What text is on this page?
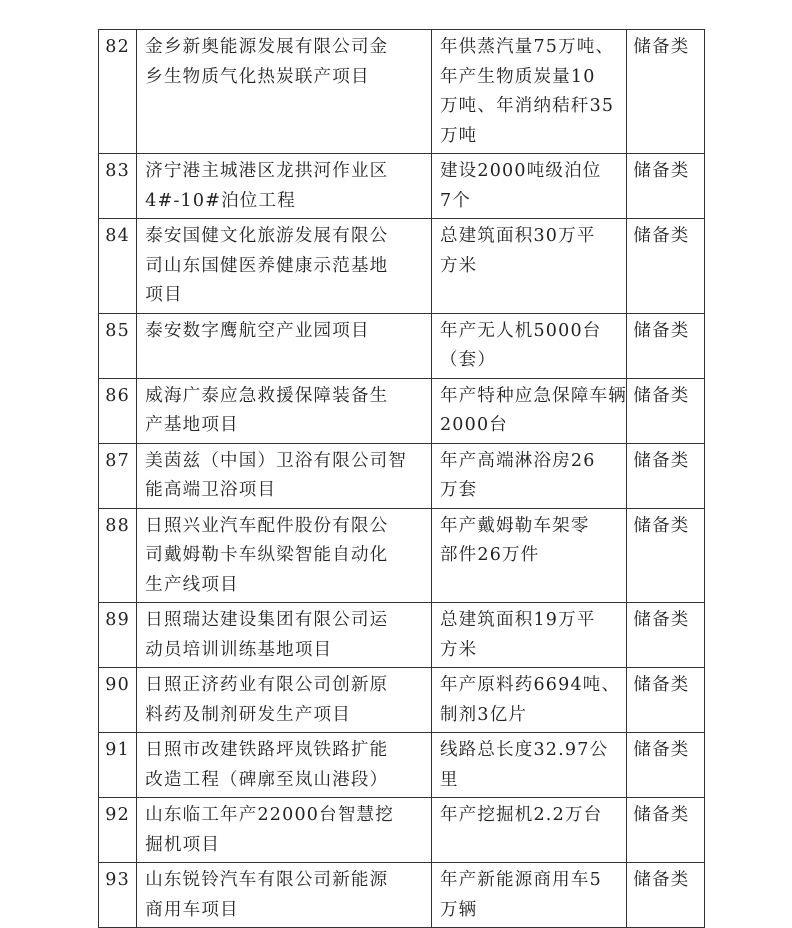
82	金乡新奥能源发展有限公司金
乡生物质气化热炭联产项目	年供蒸汽量75万吨、
年产生物质炭量10
万吨、年消纳秸秆35
万吨	储备类
83	济宁港主城港区龙拱河作业区
4#-10#泊位工程	建设2000吨级泊位
7个	储备类
84	泰安国健文化旅游发展有限公
司山东国健医养健康示范基地
项目	总建筑面积30万平
方米	储备类
85	泰安数字鹰航空产业园项目	年产无人机5000台
（套）	储备类
86	威海广泰应急救援保障装备生
产基地项目	年产特种应急保障车辆
2000台	储备类
87	美茵兹（中国）卫浴有限公司智
能高端卫浴项目	年产高端淋浴房26
万套	储备类
88	日照兴业汽车配件股份有限公
司戴姆勒卡车纵梁智能自动化
生产线项目	年产戴姆勒车架零
部件26万件	储备类
89	日照瑞达建设集团有限公司运
动员培训训练基地项目	总建筑面积19万平
方米	储备类
90	日照正济药业有限公司创新原
料药及制剂研发生产项目	年产原料药6694吨、
制剂3亿片	储备类
91	日照市改建铁路坪岚铁路扩能
改造工程（碑廓至岚山港段）	线路总长度32.97公
里	储备类
92	山东临工年产22000台智慧挖
掘机项目	年产挖掘机2.2万台	储备类
93	山东锐铃汽车有限公司新能源
商用车项目	年产新能源商用车5
万辆	储备类
